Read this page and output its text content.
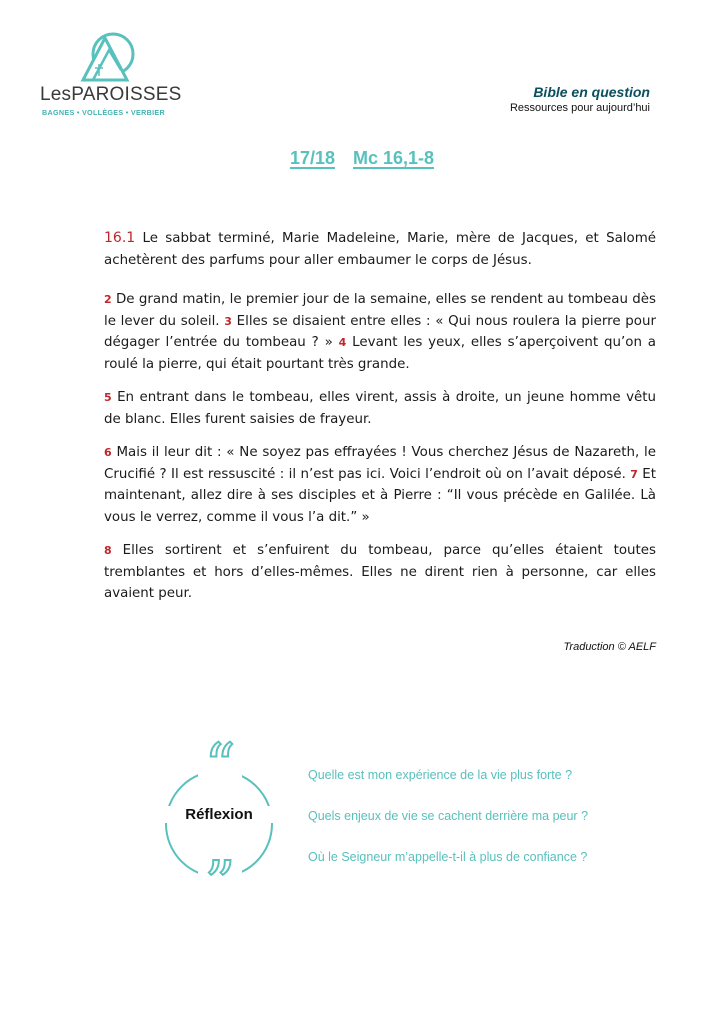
LesPAROISSES
BAGNES • VOLLÈGES • VERBIER
Bible en question
Ressources pour aujourd’hui
17/18 Mc 16,1-8

16.1 Le sabbat terminé, Marie Madeleine, Marie, mère de Jacques, et Salomé achetèrent des parfums pour aller embaumer le corps de Jésus.

2 De grand matin, le premier jour de la semaine, elles se rendent au tombeau dès le lever du soleil. 3 Elles se disaient entre elles : « Qui nous roulera la pierre pour dégager l’entrée du tombeau ? » 4 Levant les yeux, elles s’aperçoivent qu’on a roulé la pierre, qui était pourtant très grande.

5 En entrant dans le tombeau, elles virent, assis à droite, un jeune homme vêtu de blanc. Elles furent saisies de frayeur.

6 Mais il leur dit : « Ne soyez pas effrayées ! Vous cherchez Jésus de Nazareth, le Crucifié ? Il est ressuscité : il n’est pas ici. Voici l’endroit où on l’avait déposé. 7 Et maintenant, allez dire à ses disciples et à Pierre : “Il vous précède en Galilée. Là vous le verrez, comme il vous l’a dit.” »

8 Elles sortirent et s’enfuirent du tombeau, parce qu’elles étaient toutes tremblantes et hors d’elles-mêmes. Elles ne dirent rien à personne, car elles avaient peur.

Traduction © AELF
“
”
Réflexion
Quelle est mon expérience de la vie plus forte ?
Quels enjeux de vie se cachent derrière ma peur ?
Où le Seigneur m’appelle-t-il à plus de confiance ?
